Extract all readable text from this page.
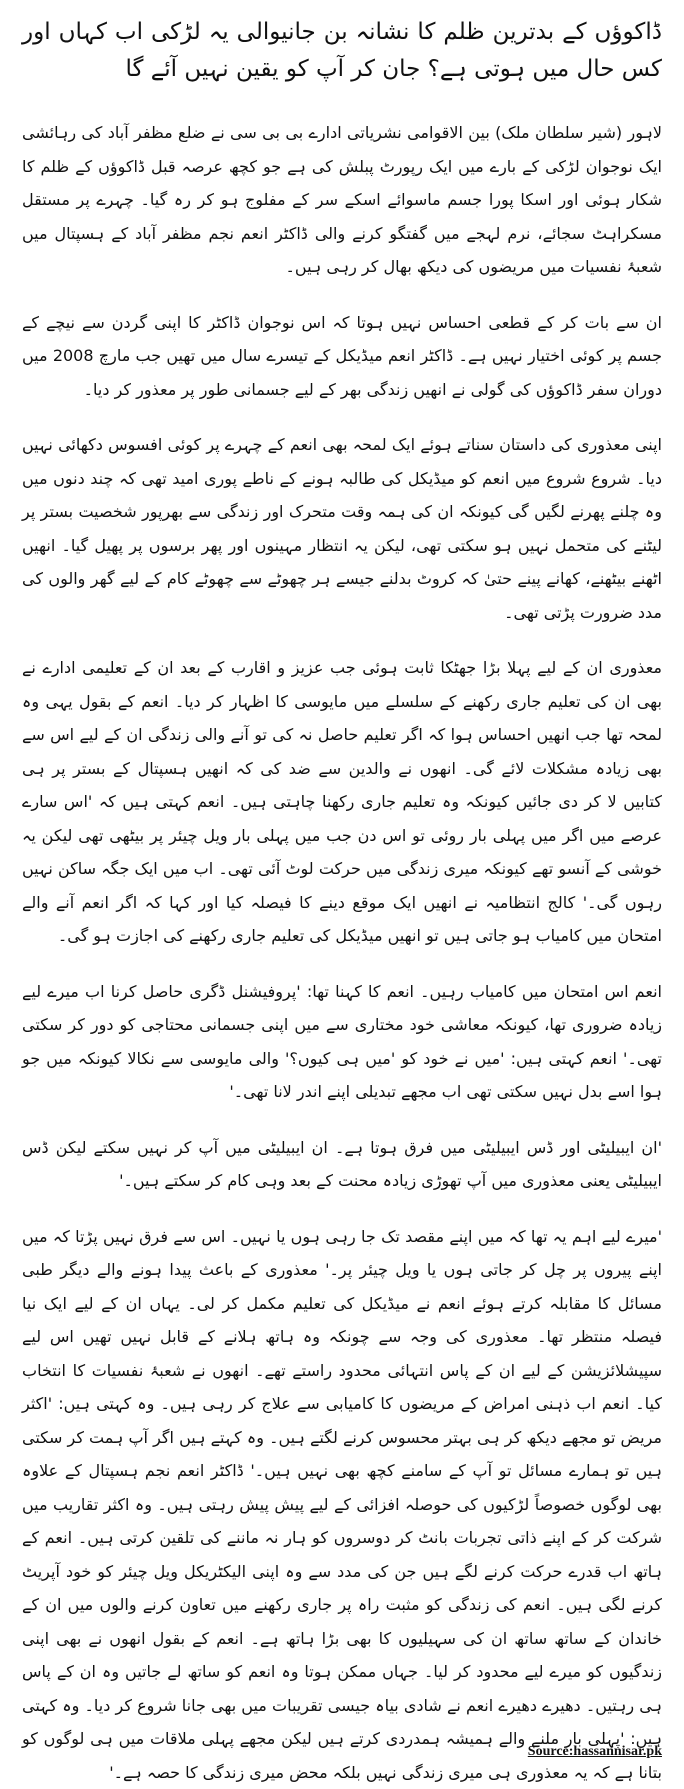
ڈاکوؤں کے بدترین ظلم کا نشانہ بن جانیوالی یہ لڑکی اب کہاں اور کس حال میں ہوتی ہے؟ جان کر آپ کو یقین نہیں آئے گا

لاہور (شیر سلطان ملک) بین الاقوامی نشریاتی ادارے بی بی سی نے ضلع مظفر آباد کی رہائشی ایک نوجوان لڑکی کے بارے میں ایک رپورٹ پبلش کی ہے جو کچھ عرصہ قبل ڈاکوؤں کے ظلم کا شکار ہوئی اور اسکا پورا جسم ماسوائے اسکے سر کے مفلوج ہو کر رہ گیا۔ چہرے پر مستقل مسکراہٹ سجائے، نرم لہجے میں گفتگو کرنے والی ڈاکٹر انعم نجم مظفر آباد کے ہسپتال میں شعبۂ نفسیات میں مریضوں کی دیکھ بھال کر رہی ہیں۔

ان سے بات کر کے قطعی احساس نہیں ہوتا کہ اس نوجوان ڈاکٹر کا اپنی گردن سے نیچے کے جسم پر کوئی اختیار نہیں ہے۔ ڈاکٹر انعم میڈیکل کے تیسرے سال میں تھیں جب مارچ 2008 میں دوران سفر ڈاکوؤں کی گولی نے انھیں زندگی بھر کے لیے جسمانی طور پر معذور کر دیا۔

اپنی معذوری کی داستان سناتے ہوئے ایک لمحہ بھی انعم کے چہرے پر کوئی افسوس دکھائی نہیں دیا۔ شروع شروع میں انعم کو میڈیکل کی طالبہ ہونے کے ناطے پوری امید تھی کہ چند دنوں میں وہ چلنے پھرنے لگیں گی کیونکہ ان کی ہمہ وقت متحرک اور زندگی سے بھرپور شخصیت بستر پر لیٹنے کی متحمل نہیں ہو سکتی تھی، لیکن یہ انتظار مہینوں اور پھر برسوں پر پھیل گیا۔ انھیں اٹھنے بیٹھنے، کھانے پینے حتیٰ کہ کروٹ بدلنے جیسے ہر چھوٹے سے چھوٹے کام کے لیے گھر والوں کی مدد ضرورت پڑتی تھی۔

معذوری ان کے لیے پہلا بڑا جھٹکا ثابت ہوئی جب عزیز و اقارب کے بعد ان کے تعلیمی ادارے نے بھی ان کی تعلیم جاری رکھنے کے سلسلے میں مایوسی کا اظہار کر دیا۔ انعم کے بقول یہی وہ لمحہ تھا جب انھیں احساس ہوا کہ اگر تعلیم حاصل نہ کی تو آنے والی زندگی ان کے لیے اس سے بھی زیادہ مشکلات لائے گی۔ انھوں نے والدین سے ضد کی کہ انھیں ہسپتال کے بستر پر ہی کتابیں لا کر دی جائیں کیونکہ وہ تعلیم جاری رکھنا چاہتی ہیں۔ انعم کہتی ہیں کہ 'اس سارے عرصے میں اگر میں پہلی بار روئی تو اس دن جب میں پہلی بار ویل چیئر پر بیٹھی تھی لیکن یہ خوشی کے آنسو تھے کیونکہ میری زندگی میں حرکت لوٹ آئی تھی۔ اب میں ایک جگہ ساکن نہیں رہوں گی۔' کالج انتظامیہ نے انھیں ایک موقع دینے کا فیصلہ کیا اور کہا کہ اگر انعم آنے والے امتحان میں کامیاب ہو جاتی ہیں تو انھیں میڈیکل کی تعلیم جاری رکھنے کی اجازت ہو گی۔

انعم اس امتحان میں کامیاب رہیں۔ انعم کا کہنا تھا: 'پروفیشنل ڈگری حاصل کرنا اب میرے لیے زیادہ ضروری تھا، کیونکہ معاشی خود مختاری سے میں اپنی جسمانی محتاجی کو دور کر سکتی تھی۔' انعم کہتی ہیں: 'میں نے خود کو 'میں ہی کیوں؟' والی مایوسی سے نکالا کیونکہ میں جو ہوا اسے بدل نہیں سکتی تھی اب مجھے تبدیلی اپنے اندر لانا تھی۔'

'ان ایبیلیٹی اور ڈس ایبیلیٹی میں فرق ہوتا ہے۔ ان ایبیلیٹی میں آپ کر نہیں سکتے لیکن ڈس ایبیلیٹی یعنی معذوری میں آپ تھوڑی زیادہ محنت کے بعد وہی کام کر سکتے ہیں۔'

'میرے لیے اہم یہ تھا کہ میں اپنے مقصد تک جا رہی ہوں یا نہیں۔ اس سے فرق نہیں پڑتا کہ میں اپنے پیروں پر چل کر جاتی ہوں یا ویل چیئر پر۔' معذوری کے باعث پیدا ہونے والے دیگر طبی مسائل کا مقابلہ کرتے ہوئے انعم نے میڈیکل کی تعلیم مکمل کر لی۔ یہاں ان کے لیے ایک نیا فیصلہ منتظر تھا۔ معذوری کی وجہ سے چونکہ وہ ہاتھ ہلانے کے قابل نہیں تھیں اس لیے سپیشلائزیشن کے لیے ان کے پاس انتہائی محدود راستے تھے۔ انھوں نے شعبۂ نفسیات کا انتخاب کیا۔ انعم اب ذہنی امراض کے مریضوں کا کامیابی سے علاج کر رہی ہیں۔ وہ کہتی ہیں: 'اکثر مریض تو مجھے دیکھ کر ہی بہتر محسوس کرنے لگتے ہیں۔ وہ کہتے ہیں اگر آپ ہمت کر سکتی ہیں تو ہمارے مسائل تو آپ کے سامنے کچھ بھی نہیں ہیں۔' ڈاکٹر انعم نجم ہسپتال کے علاوہ بھی لوگوں خصوصاً لڑکیوں کی حوصلہ افزائی کے لیے پیش پیش رہتی ہیں۔ وہ اکثر تقاریب میں شرکت کر کے اپنے ذاتی تجربات بانٹ کر دوسروں کو ہار نہ ماننے کی تلقین کرتی ہیں۔ انعم کے ہاتھ اب قدرے حرکت کرنے لگے ہیں جن کی مدد سے وہ اپنی الیکٹریکل ویل چیئر کو خود آپریٹ کرنے لگی ہیں۔ انعم کی زندگی کو مثبت راہ پر جاری رکھنے میں تعاون کرنے والوں میں ان کے خاندان کے ساتھ ساتھ ان کی سہیلیوں کا بھی بڑا ہاتھ ہے۔ انعم کے بقول انھوں نے بھی اپنی زندگیوں کو میرے لیے محدود کر لیا۔ جہاں ممکن ہوتا وہ انعم کو ساتھ لے جاتیں وہ ان کے پاس ہی رہتیں۔ دھیرے دھیرے انعم نے شادی بیاہ جیسی تقریبات میں بھی جانا شروع کر دیا۔ وہ کہتی ہیں: 'پہلی بار ملنے والے ہمیشہ ہمدردی کرتے ہیں لیکن مجھے پہلی ملاقات میں ہی لوگوں کو بتانا ہے کہ یہ معذوری ہی میری زندگی نہیں بلکہ محض میری زندگی کا حصہ ہے۔'

Source:hassannisar.pk
